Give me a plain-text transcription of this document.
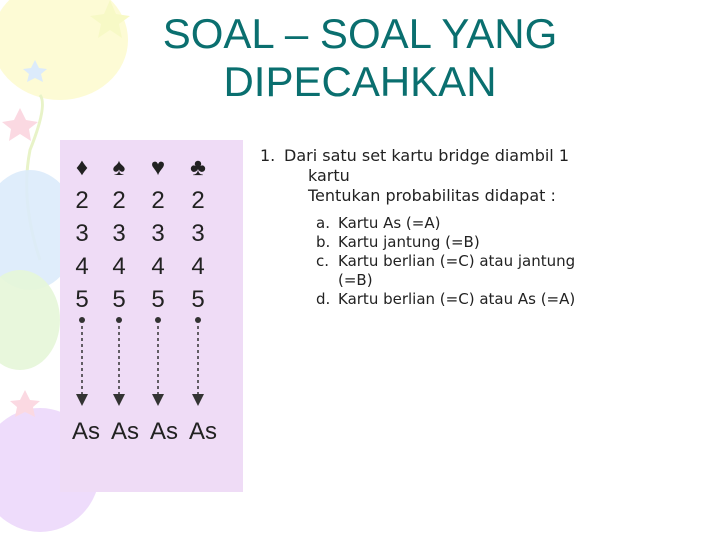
SOAL – SOAL YANG
DIPECAHKAN
♦
2
3
4
5
♠
2
3
4
5
♥
2
3
4
5
♣
2
3
4
5
As As As As
1. Dari satu set kartu bridge diambil 1
kartu
Tentukan probabilitas didapat :
a. Kartu As (=A)
b. Kartu jantung (=B)
c. Kartu berlian (=C) atau jantung
(=B)
d. Kartu berlian (=C) atau As (=A)
